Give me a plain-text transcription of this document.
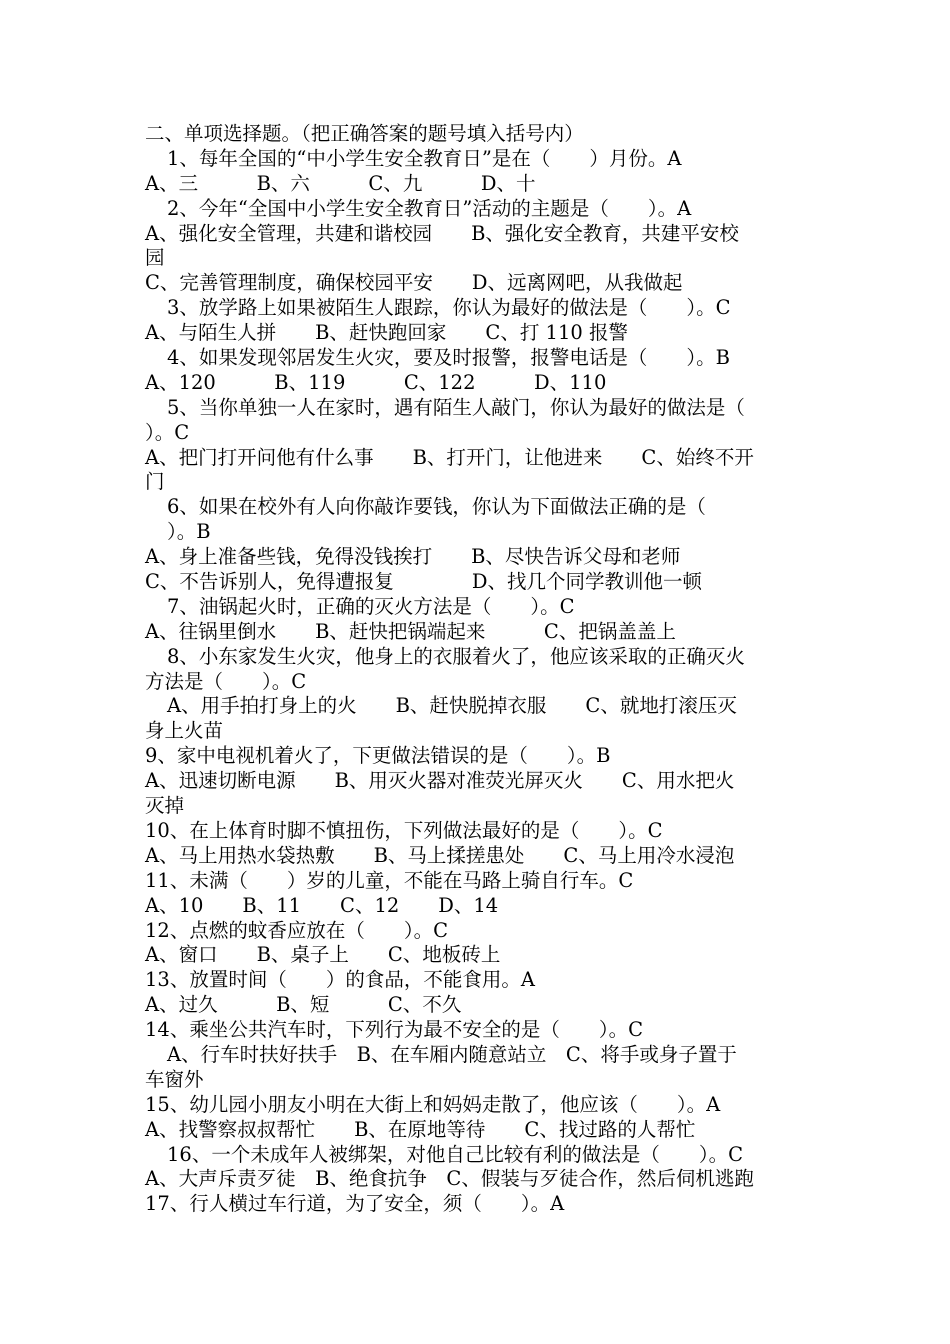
二、单项选择题。（把正确答案的题号填入括号内）
1、每年全国的“中小学生安全教育日”是在（　　）月份。A
A、三　　　B、六　　　C、九　　　D、十
2、今年“全国中小学生安全教育日”活动的主题是（　　）。A
A、强化安全管理，共建和谐校园　　B、强化安全教育，共建平安校
园
C、完善管理制度，确保校园平安　　D、远离网吧，从我做起
3、放学路上如果被陌生人跟踪，你认为最好的做法是（　　）。C
A、与陌生人拼　　B、赶快跑回家　　C、打 110 报警
4、如果发现邻居发生火灾，要及时报警，报警电话是（　　）。B
A、120　　　B、119　　　C、122　　　D、110
5、当你单独一人在家时，遇有陌生人敲门，你认为最好的做法是（
）。C
A、把门打开问他有什么事　　B、打开门，让他进来　　C、始终不开
门
6、如果在校外有人向你敲诈要钱，你认为下面做法正确的是（
）。B
A、身上准备些钱，免得没钱挨打　　B、尽快告诉父母和老师
C、不告诉别人，免得遭报复　　　　D、找几个同学教训他一顿
7、油锅起火时，正确的灭火方法是（　　）。C
A、往锅里倒水　　B、赶快把锅端起来　　　C、把锅盖盖上
8、小东家发生火灾，他身上的衣服着火了，他应该采取的正确灭火
方法是（　　）。C
A、用手拍打身上的火　　B、赶快脱掉衣服　　C、就地打滚压灭
身上火苗
9、家中电视机着火了，下更做法错误的是（　　）。B
A、迅速切断电源　　B、用灭火器对准荧光屏灭火　　C、用水把火
灭掉
10、在上体育时脚不慎扭伤，下列做法最好的是（　　）。C
A、马上用热水袋热敷　　B、马上揉搓患处　　C、马上用冷水浸泡
11、未满（　　）岁的儿童，不能在马路上骑自行车。C
A、10　　B、11　　C、12　　D、14
12、点燃的蚊香应放在（　　）。C
A、窗口　　B、桌子上　　C、地板砖上
13、放置时间（　　）的食品，不能食用。A
A、过久　　　B、短　　　C、不久
14、乘坐公共汽车时，下列行为最不安全的是（　　）。C
A、行车时扶好扶手　B、在车厢内随意站立　C、将手或身子置于
车窗外
15、幼儿园小朋友小明在大街上和妈妈走散了，他应该（　　）。A
A、找警察叔叔帮忙　　B、在原地等待　　C、找过路的人帮忙
16、一个未成年人被绑架，对他自己比较有利的做法是（　　）。C
A、大声斥责歹徒　B、绝食抗争　C、假装与歹徒合作，然后伺机逃跑
17、行人横过车行道，为了安全，须（　　）。A
